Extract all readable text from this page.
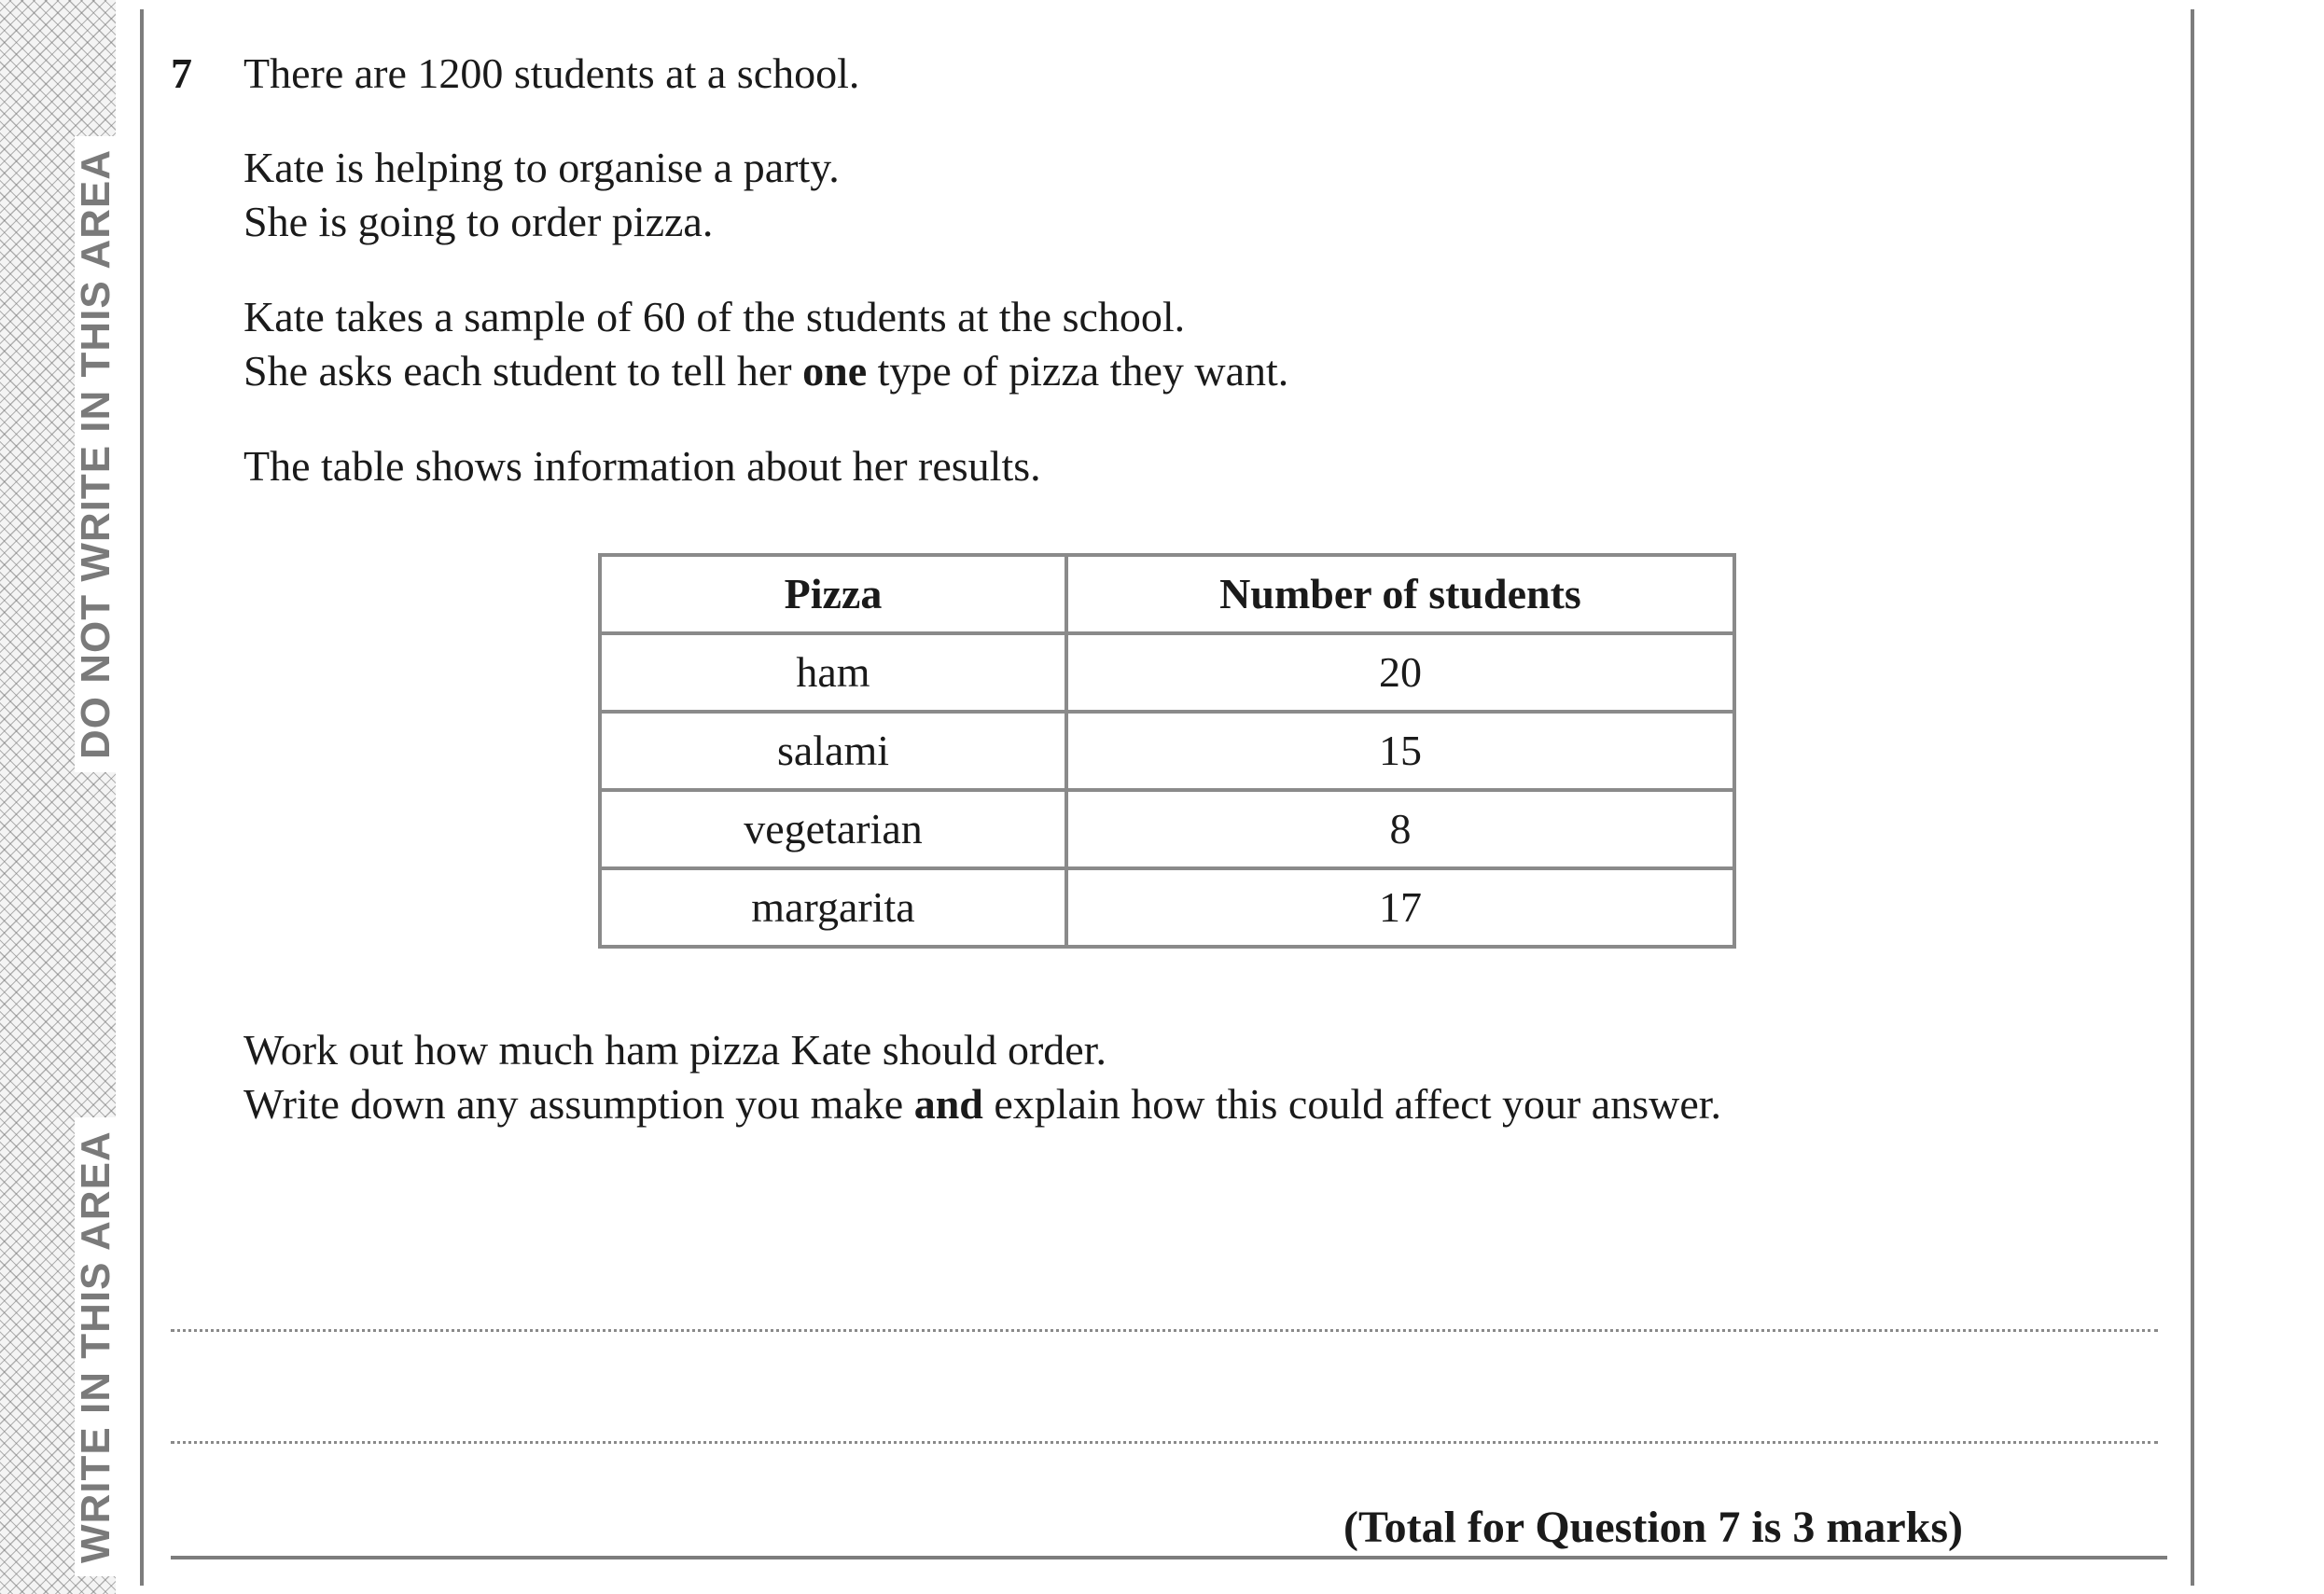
DO NOT WRITE IN THIS AREA
WRITE IN THIS AREA
7 There are 1200 students at a school.
Kate is helping to organise a party.
She is going to order pizza.
Kate takes a sample of 60 of the students at the school.
She asks each student to tell her one type of pizza they want.
The table shows information about her results.
Pizza	Number of students
ham	20
salami	15
vegetarian	8
margarita	17
Work out how much ham pizza Kate should order.
Write down any assumption you make and explain how this could affect your answer.
(Total for Question 7 is 3 marks)
